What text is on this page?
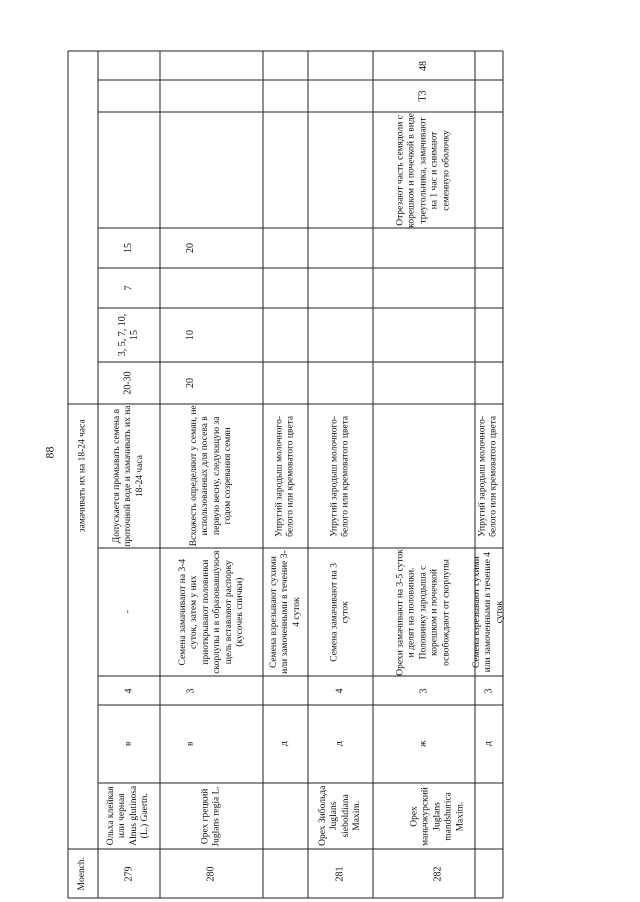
88
Moench.
замачивать их на 18-24 часа
279
Ольха клейкая или черная Alnus glutinosa (L.) Gaertn.
в
4
-
Допускается промывать семена в проточной воде и замачивать их на 18-24 часа
20-30
3, 5, 7, 10, 15
7
15
280
Орех грецкий Juglans regia L.
в
3
Семена замачивают на 3-4 суток, затем у них приоткрывают половинки скорлупы и в образовавшуюся щель вставляют распорку (кусочек спички)
Всхожесть определяют у семян, не использованных для посева в первую весну, следующую за годом созревания семян
20
10
20
д
Семена взрезывают сухими или замоченными в течение 3-4 суток
Упругий зародыш молочного-белого или кремоватого цвета
281
Орех Зибольда Juglans sieboldiana Maxim.
д
4
Семена замачивают на 3 суток
Упругий зародыш молочного-белого или кремоватого цвета
282
Орех маньчжурский Juglans mandshurica Maxim.
ж
3
Орехи замачивают на 3-5 суток и делят на половинки. Половинку зародыша с корешком и почечкой освобождают от скорлупы
Отрезают часть семядоли с корешком и почечкой в виде треугольника, замачивают на 1 час и снимают семенную оболочку
Т3
48
д
3
Семена взрезывают сухими или замоченными в течение 4 суток
Упругий зародыш молочного-белого или кремоватого цвета
